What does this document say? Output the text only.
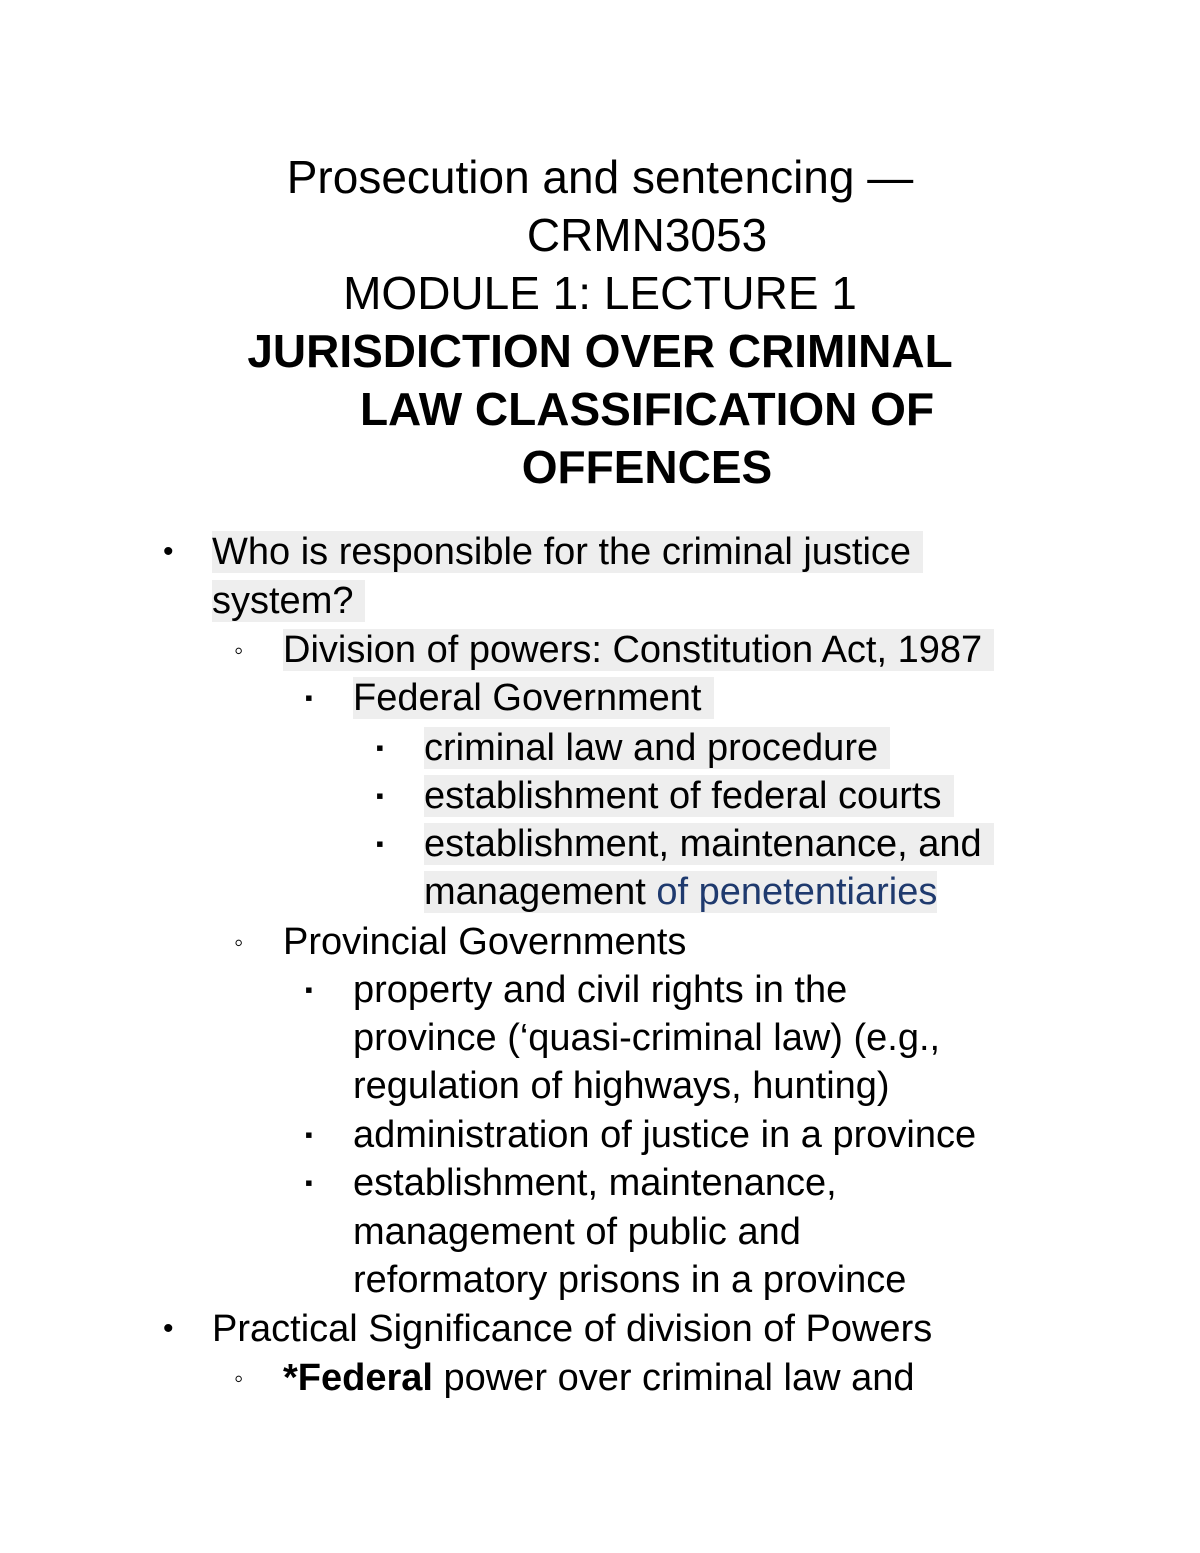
Prosecution and sentencing —
CRMN3053
MODULE 1: LECTURE 1
JURISDICTION OVER CRIMINAL
LAW CLASSIFICATION OF
OFFENCES
• Who is responsible for the criminal justice
system?
◦ Division of powers: Constitution Act, 1987
▪ Federal Government
▪ criminal law and procedure
▪ establishment of federal courts
▪ establishment, maintenance, and
management of penetentiaries
◦ Provincial Governments
▪ property and civil rights in the
province (‘quasi-criminal law) (e.g.,
regulation of highways, hunting)
▪ administration of justice in a province
▪ establishment, maintenance,
management of public and
reformatory prisons in a province
• Practical Significance of division of Powers
◦ *Federal power over criminal law and
